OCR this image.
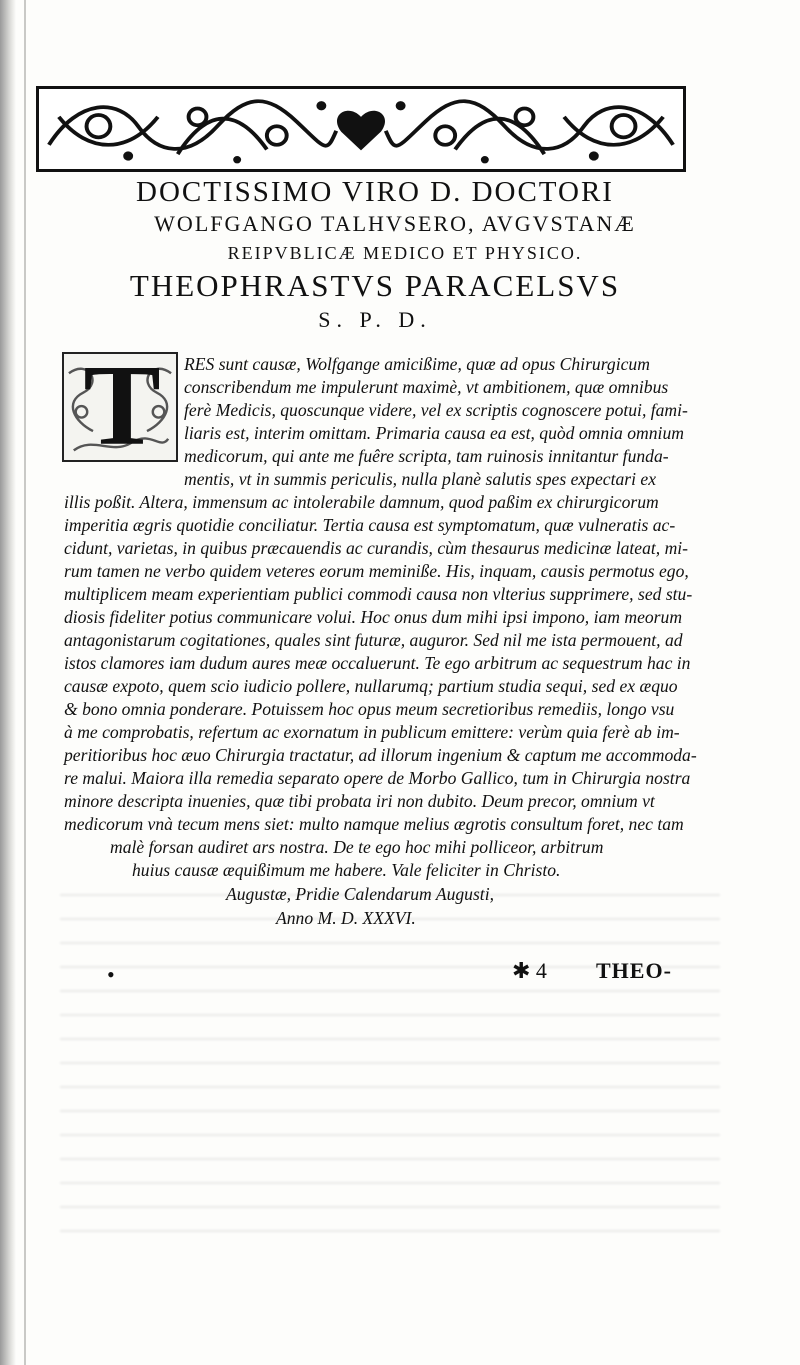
DOCTISSIMO VIRO D. DOCTORI
WOLFGANGO TALHVSERO, AVGVSTANÆ
REIPVBLICÆ MEDICO ET PHYSICO.
THEOPHRASTVS PARACELSVS
S. P. D.
T	RES sunt causæ, Wolfgange amicißime, quæ ad opus Chirurgicum
conscribendum me impulerunt maximè, vt ambitionem, quæ omnibus
ferè Medicis, quoscunque videre, vel ex scriptis cognoscere potui, fami-
liaris est, interim omittam. Primaria causa ea est, quòd omnia omnium
medicorum, qui ante me fuêre scripta, tam ruinosis innitantur funda-
mentis, vt in summis periculis, nulla planè salutis spes expectari ex
illis poßit. Altera, immensum ac intolerabile damnum, quod paßim ex chirurgicorum
imperitia ægris quotidie conciliatur. Tertia causa est symptomatum, quæ vulneratis ac-
cidunt, varietas, in quibus præcauendis ac curandis, cùm thesaurus medicinæ lateat, mi-
rum tamen ne verbo quidem veteres eorum meminiße. His, inquam, causis permotus ego,
multiplicem meam experientiam publici commodi causa non vlterius supprimere, sed stu-
diosis fideliter potius communicare volui. Hoc onus dum mihi ipsi impono, iam meorum
antagonistarum cogitationes, quales sint futuræ, auguror. Sed nil me ista permouent, ad
istos clamores iam dudum aures meæ occaluerunt. Te ego arbitrum ac sequestrum hac in
causæ expoto, quem scio iudicio pollere, nullarumq; partium studia sequi, sed ex æquo
& bono omnia ponderare. Potuissem hoc opus meum secretioribus remediis, longo vsu
à me comprobatis, refertum ac exornatum in publicum emittere: verùm quia ferè ab im-
peritioribus hoc æuo Chirurgia tractatur, ad illorum ingenium & captum me accommoda-
re malui. Maiora illa remedia separato opere de Morbo Gallico, tum in Chirurgia nostra
minore descripta inuenies, quæ tibi probata iri non dubito. Deum precor, omnium vt
medicorum vnà tecum mens siet: multo namque melius ægrotis consultum foret, nec tam
malè forsan audiret ars nostra. De te ego hoc mihi polliceor, arbitrum
huius causæ æquißimum me habere. Vale feliciter in Christo.
Augustæ, Pridie Calendarum Augusti,
Anno M. D. XXXVI.
•	✱ 4 THEO-
